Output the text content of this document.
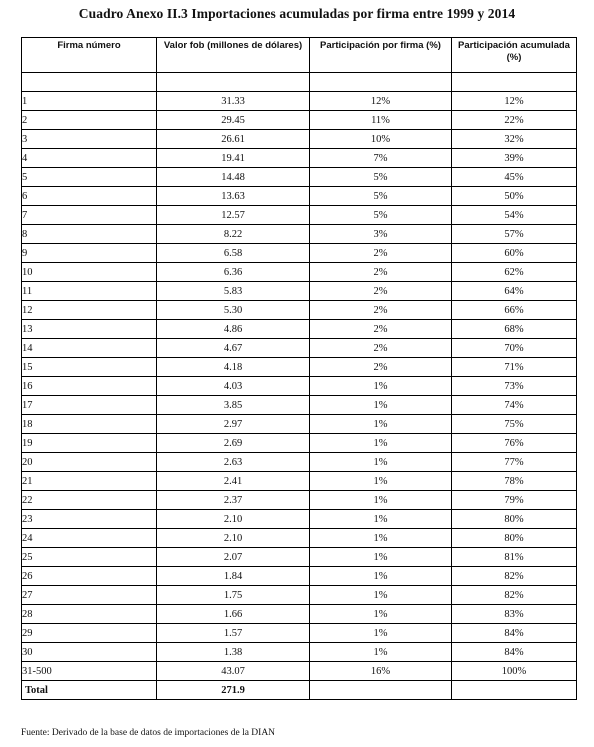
Cuadro Anexo II.3 Importaciones acumuladas por firma entre 1999 y 2014
Firma número	Valor fob (millones de dólares)	Participación por firma (%)	Participación acumulada (%)

1	31.33	12%	12%
2	29.45	11%	22%
3	26.61	10%	32%
4	19.41	7%	39%
5	14.48	5%	45%
6	13.63	5%	50%
7	12.57	5%	54%
8	8.22	3%	57%
9	6.58	2%	60%
10	6.36	2%	62%
11	5.83	2%	64%
12	5.30	2%	66%
13	4.86	2%	68%
14	4.67	2%	70%
15	4.18	2%	71%
16	4.03	1%	73%
17	3.85	1%	74%
18	2.97	1%	75%
19	2.69	1%	76%
20	2.63	1%	77%
21	2.41	1%	78%
22	2.37	1%	79%
23	2.10	1%	80%
24	2.10	1%	80%
25	2.07	1%	81%
26	1.84	1%	82%
27	1.75	1%	82%
28	1.66	1%	83%
29	1.57	1%	84%
30	1.38	1%	84%
31-500	43.07	16%	100%
Total	271.9		
Fuente: Derivado de la base de datos de importaciones de la DIAN
